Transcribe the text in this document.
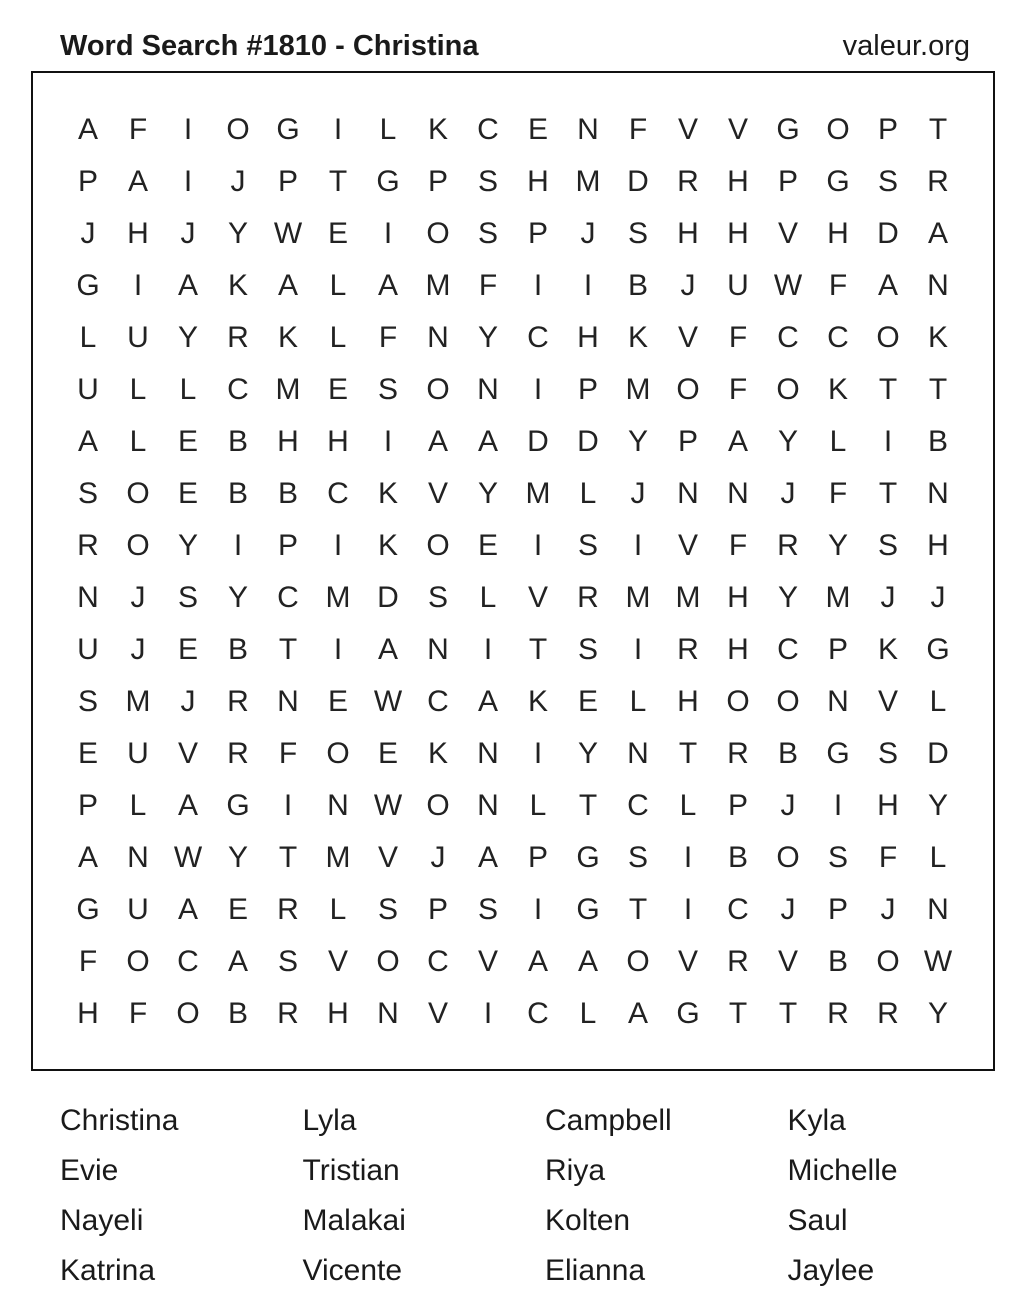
Word Search #1810 - Christina	valeur.org
A	F	I	O G	I	L	K C E N	F	V V G O P	T
P A	I	J	P	T G P S H M D R H P G S R
J	H	J	Y W E	I	O S P	J	S H H V H D A
G	I	A K A	L	A M F	I	I	B	J	U W F	A N
L	U Y R K	L	F	N Y C H K V	F	C C O K
U	L	L	C M E S O N	I	P M O F O K	T	T
A	L	E B H H	I	A A D D Y P A Y	L	I	B
S O E B B C K V Y M L	J	N N	J	F	T	N
R O Y	I	P	I	K O E	I	S	I	V	F	R Y S H
N	J	S Y C M D S	L	V R M M H Y M	J	J
U	J	E B	T	I	A N	I	T	S	I	R H C P K G
S M	J	R N E W C A K E	L	H O O N V	L
E U V R	F O E K N	I	Y N	T	R B G S D
P	L	A G	I	N W O N	L	T	C	L	P	J	I	H Y
A N W Y	T M V	J	A P G S	I	B O S	F	L
G U A E R	L	S P S	I	G T	I	C	J	P	J	N
F O C A S V O C V A A O V R V B O W
H	F O B R H N V	I	C	L	A G T	T	R R Y
Christina	Lyla	Campbell	Kyla
Evie	Tristian	Riya	Michelle
Nayeli	Malakai	Kolten	Saul
Katrina	Vicente	Elianna	Jaylee
